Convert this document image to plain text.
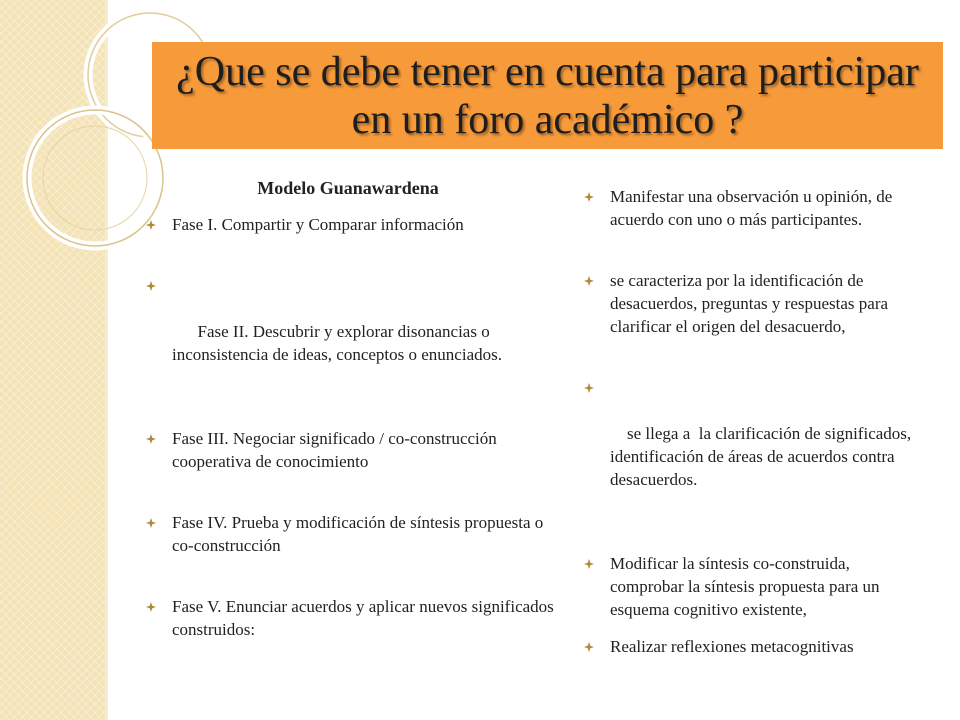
¿Que se debe tener en cuenta para participar en un foro académico ?
Modelo Guanawardena
Fase I. Compartir y Comparar información

Fase II. Descubrir y explorar disonancias o inconsistencia de ideas, conceptos o enunciados.

Fase III. Negociar significado / co-construcción cooperativa de conocimiento
Fase IV. Prueba y modificación de síntesis propuesta o co-construcción
Fase V. Enunciar acuerdos y aplicar nuevos significados construidos:
Manifestar una observación u opinión, de acuerdo con uno o más participantes.
se caracteriza por la identificación de desacuerdos, preguntas y respuestas para clarificar el origen del desacuerdo,

se llega a  la clarificación de significados, identificación de áreas de acuerdos contra desacuerdos.

Modificar la síntesis co-construida, comprobar la síntesis propuesta para un esquema cognitivo existente,
Realizar reflexiones metacognitivas
